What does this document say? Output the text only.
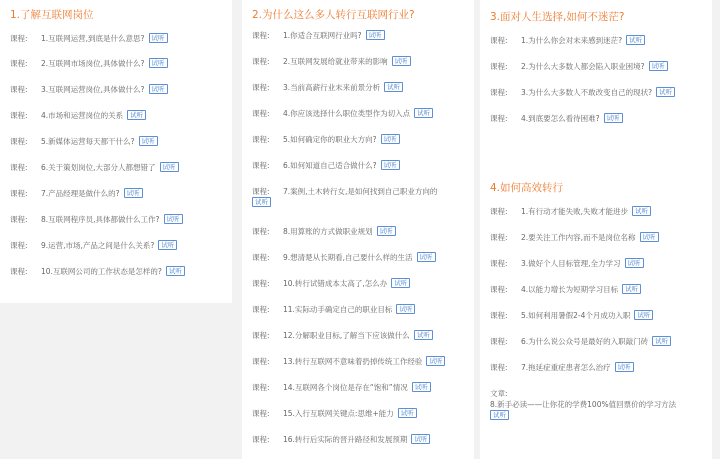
1.了解互联网岗位
课程: 1.互联网运营,到底是什么意思? 试听
课程: 2.互联网市场岗位,具体做什么? 试听
课程: 3.互联网运营岗位,具体做什么? 试听
课程: 4.市场和运营岗位的关系 试听
课程: 5.新媒体运营每天都干什么? 试听
课程: 6.关于策划岗位,大部分人都想错了 试听
课程: 7.产品经理是做什么的? 试听
课程: 8.互联网程序员,具体都做什么工作? 试听
课程: 9.运营,市场,产品之间是什么关系? 试听
课程: 10.互联网公司的工作状态是怎样的? 试听
2.为什么这么多人转行互联网行业?
课程: 1.你适合互联网行业吗? 试听
课程: 2.互联网发展给就业带来的影响 试听
课程: 3.当前高薪行业未来前景分析 试听
课程: 4.你应该选择什么职位类型作为切入点 试听
课程: 5.如何确定你的职业大方向? 试听
课程: 6.如何知道自己适合做什么? 试听
课程: 7.案例,土木转行女,是如何找到自己职业方向的
试听
课程: 8.用算账的方式做职业规划 试听
课程: 9.想清楚从长期看,自己要什么样的生活 试听
课程: 10.转行试错成本太高了,怎么办 试听
课程: 11.实际动手确定自己的职业目标 试听
课程: 12.分解职业目标,了解当下应该做什么 试听
课程: 13.转行互联网不意味着扔掉传统工作经验 试听
课程: 14.互联网各个岗位是存在“饱和”情况 试听
课程: 15.入行互联网关键点:思维+能力 试听
课程: 16.转行后实际的晋升路径和发展预期 试听
3.面对人生选择,如何不迷茫?
课程: 1.为什么你会对未来感到迷茫? 试听
课程: 2.为什么大多数人都会陷入职业困境? 试听
课程: 3.为什么大多数人不敢改变自己的现状? 试听
课程: 4.到底要怎么看待困难? 试听
4.如何高效转行
课程: 1.有行动才能失败,失败才能进步 试听
课程: 2.要关注工作内容,而不是岗位名称 试听
课程: 3.做好个人目标管理,全力学习 试听
课程: 4.以能力增长为短期学习目标 试听
课程: 5.如何利用暑假2-4个月成功入职 试听
课程: 6.为什么说公众号是最好的入职敲门砖 试听
课程: 7.拖延症重症患者怎么治疗 试听
文章:
8.新手必读——让你花的学费100%值回票价的学习方法
试听
